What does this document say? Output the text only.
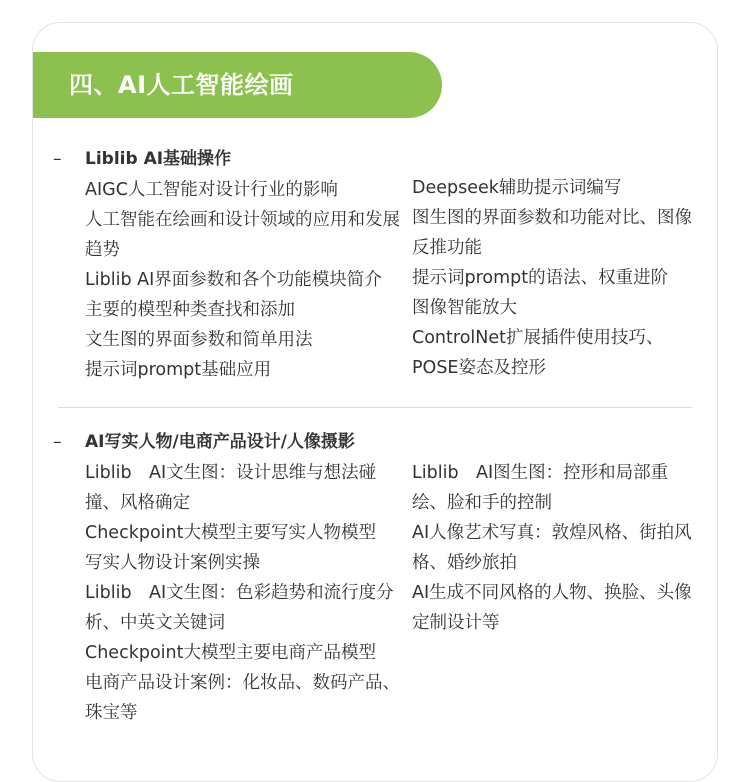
四、AI人工智能绘画
– Liblib AI基础操作
AIGC人工智能对设计行业的影响
人工智能在绘画和设计领域的应用和发展趋势
Liblib AI界面参数和各个功能模块简介
主要的模型种类查找和添加
文生图的界面参数和简单用法
提示词prompt基础应用
Deepseek辅助提示词编写
图生图的界面参数和功能对比、图像反推功能
提示词prompt的语法、权重进阶
图像智能放大
ControlNet扩展插件使用技巧、POSE姿态及控形
– AI写实人物/电商产品设计/人像摄影
Liblib　AI文生图：设计思维与想法碰撞、风格确定
Checkpoint大模型主要写实人物模型
写实人物设计案例实操
Liblib　AI文生图：色彩趋势和流行度分析、中英文关键词
Checkpoint大模型主要电商产品模型
电商产品设计案例：化妆品、数码产品、珠宝等
Liblib　AI图生图：控形和局部重绘、脸和手的控制
AI人像艺术写真：敦煌风格、街拍风格、婚纱旅拍
AI生成不同风格的人物、换脸、头像定制设计等
